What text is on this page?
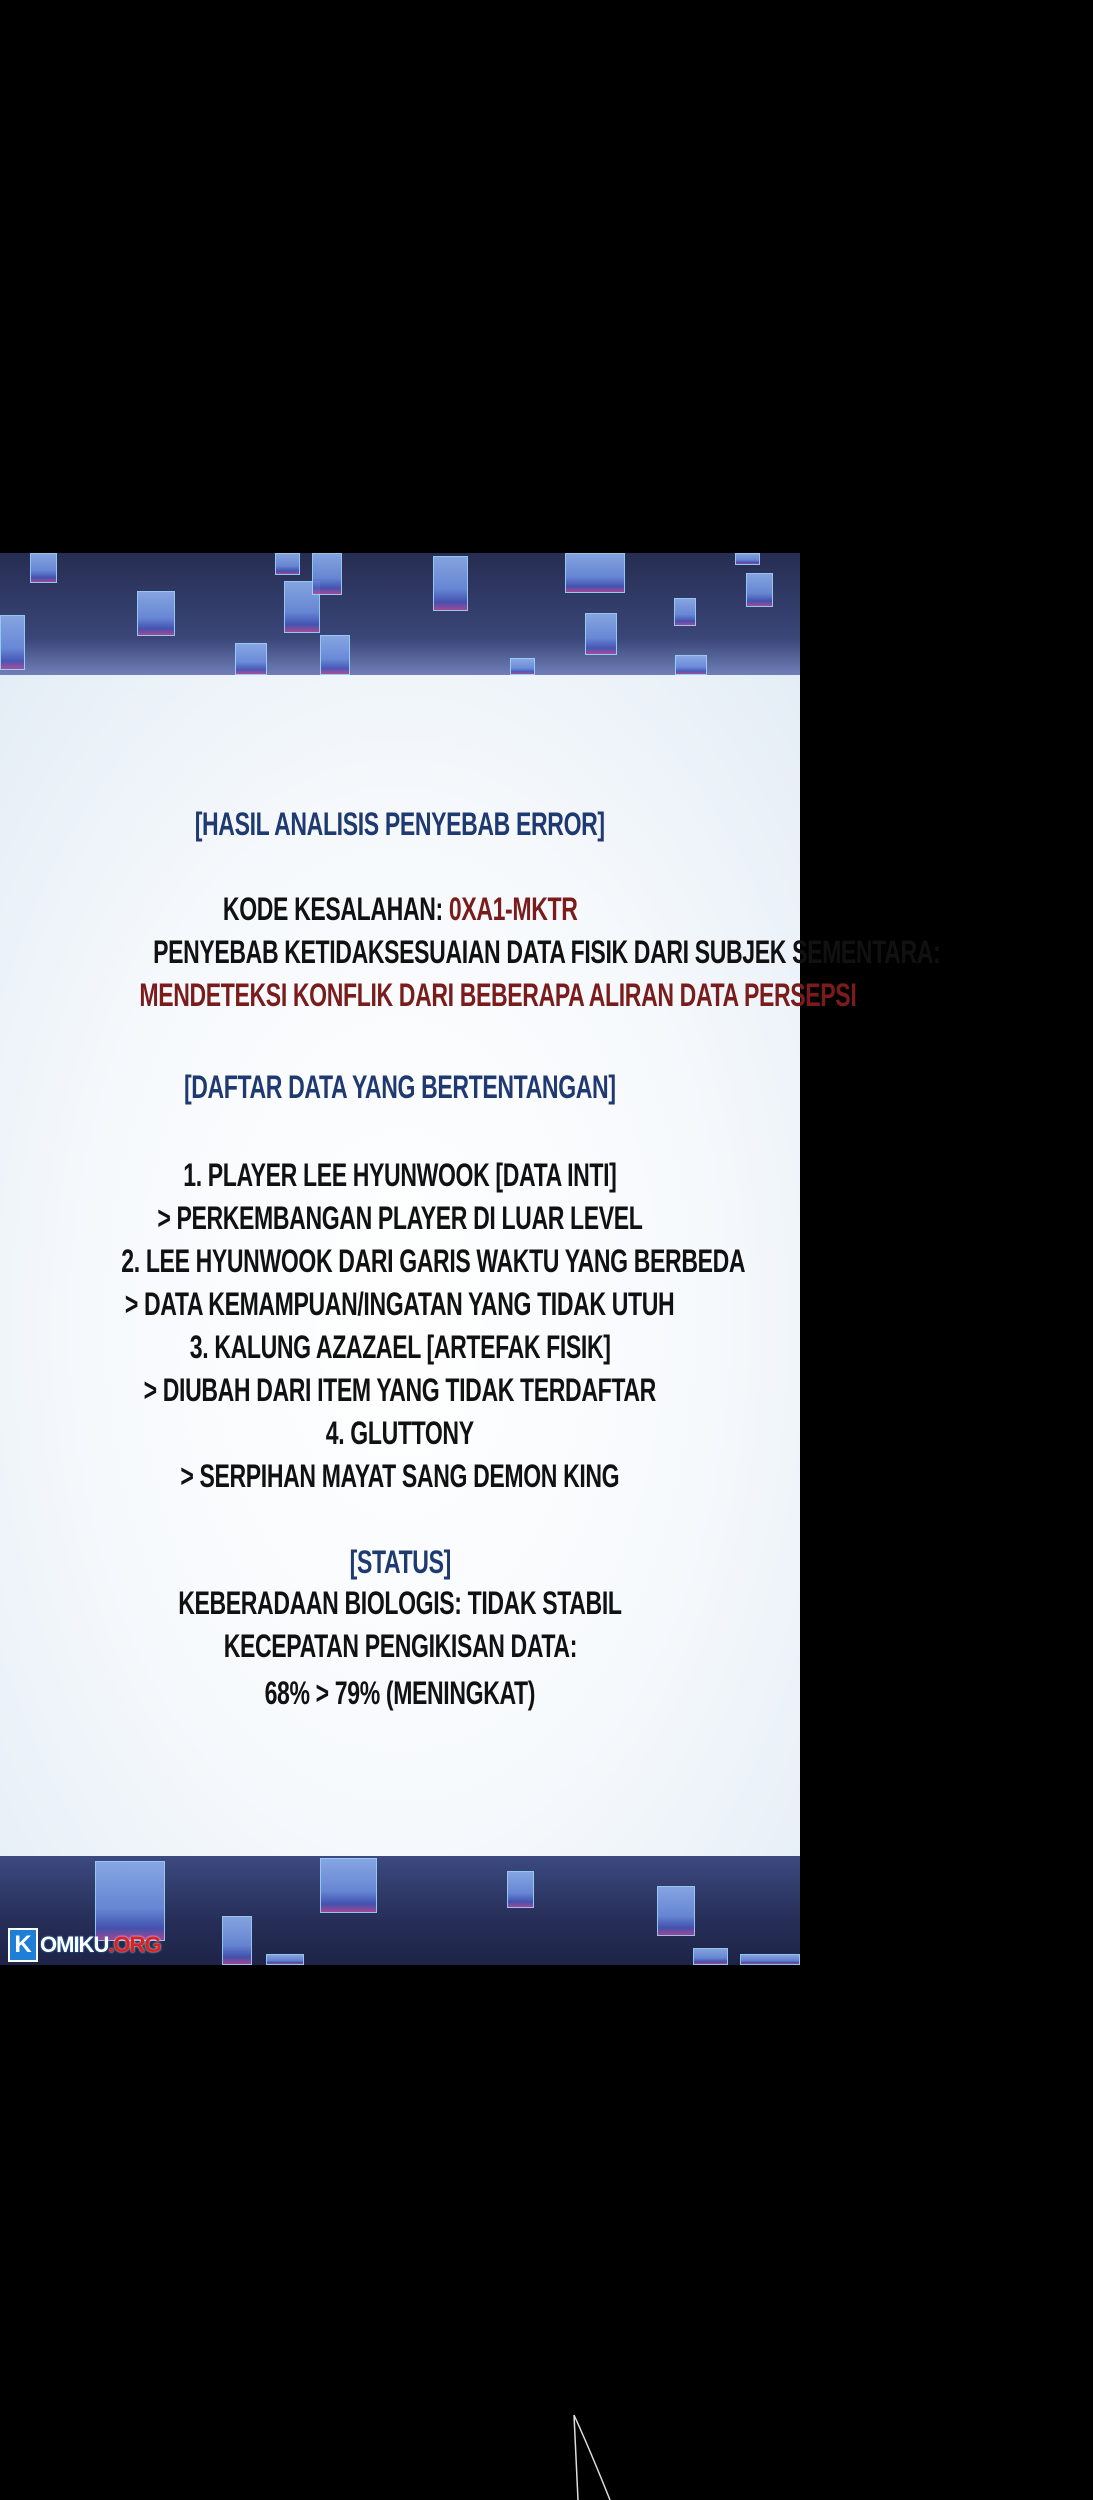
[HASIL ANALISIS PENYEBAB ERROR]
KODE KESALAHAN: 0XA1-MKTR
PENYEBAB KETIDAKSESUAIAN DATA FISIK DARI SUBJEK SEMENTARA:
MENDETEKSI KONFLIK DARI BEBERAPA ALIRAN DATA PERSEPSI
[DAFTAR DATA YANG BERTENTANGAN]
1. PLAYER LEE HYUNWOOK [DATA INTI]
> PERKEMBANGAN PLAYER DI LUAR LEVEL
2. LEE HYUNWOOK DARI GARIS WAKTU YANG BERBEDA
> DATA KEMAMPUAN/INGATAN YANG TIDAK UTUH
3. KALUNG AZAZAEL [ARTEFAK FISIK]
> DIUBAH DARI ITEM YANG TIDAK TERDAFTAR
4. GLUTTONY
> SERPIHAN MAYAT SANG DEMON KING
[STATUS]
KEBERADAAN BIOLOGIS: TIDAK STABIL
KECEPATAN PENGIKISAN DATA:
68% > 79% (MENINGKAT)
K OMIKU .ORG
